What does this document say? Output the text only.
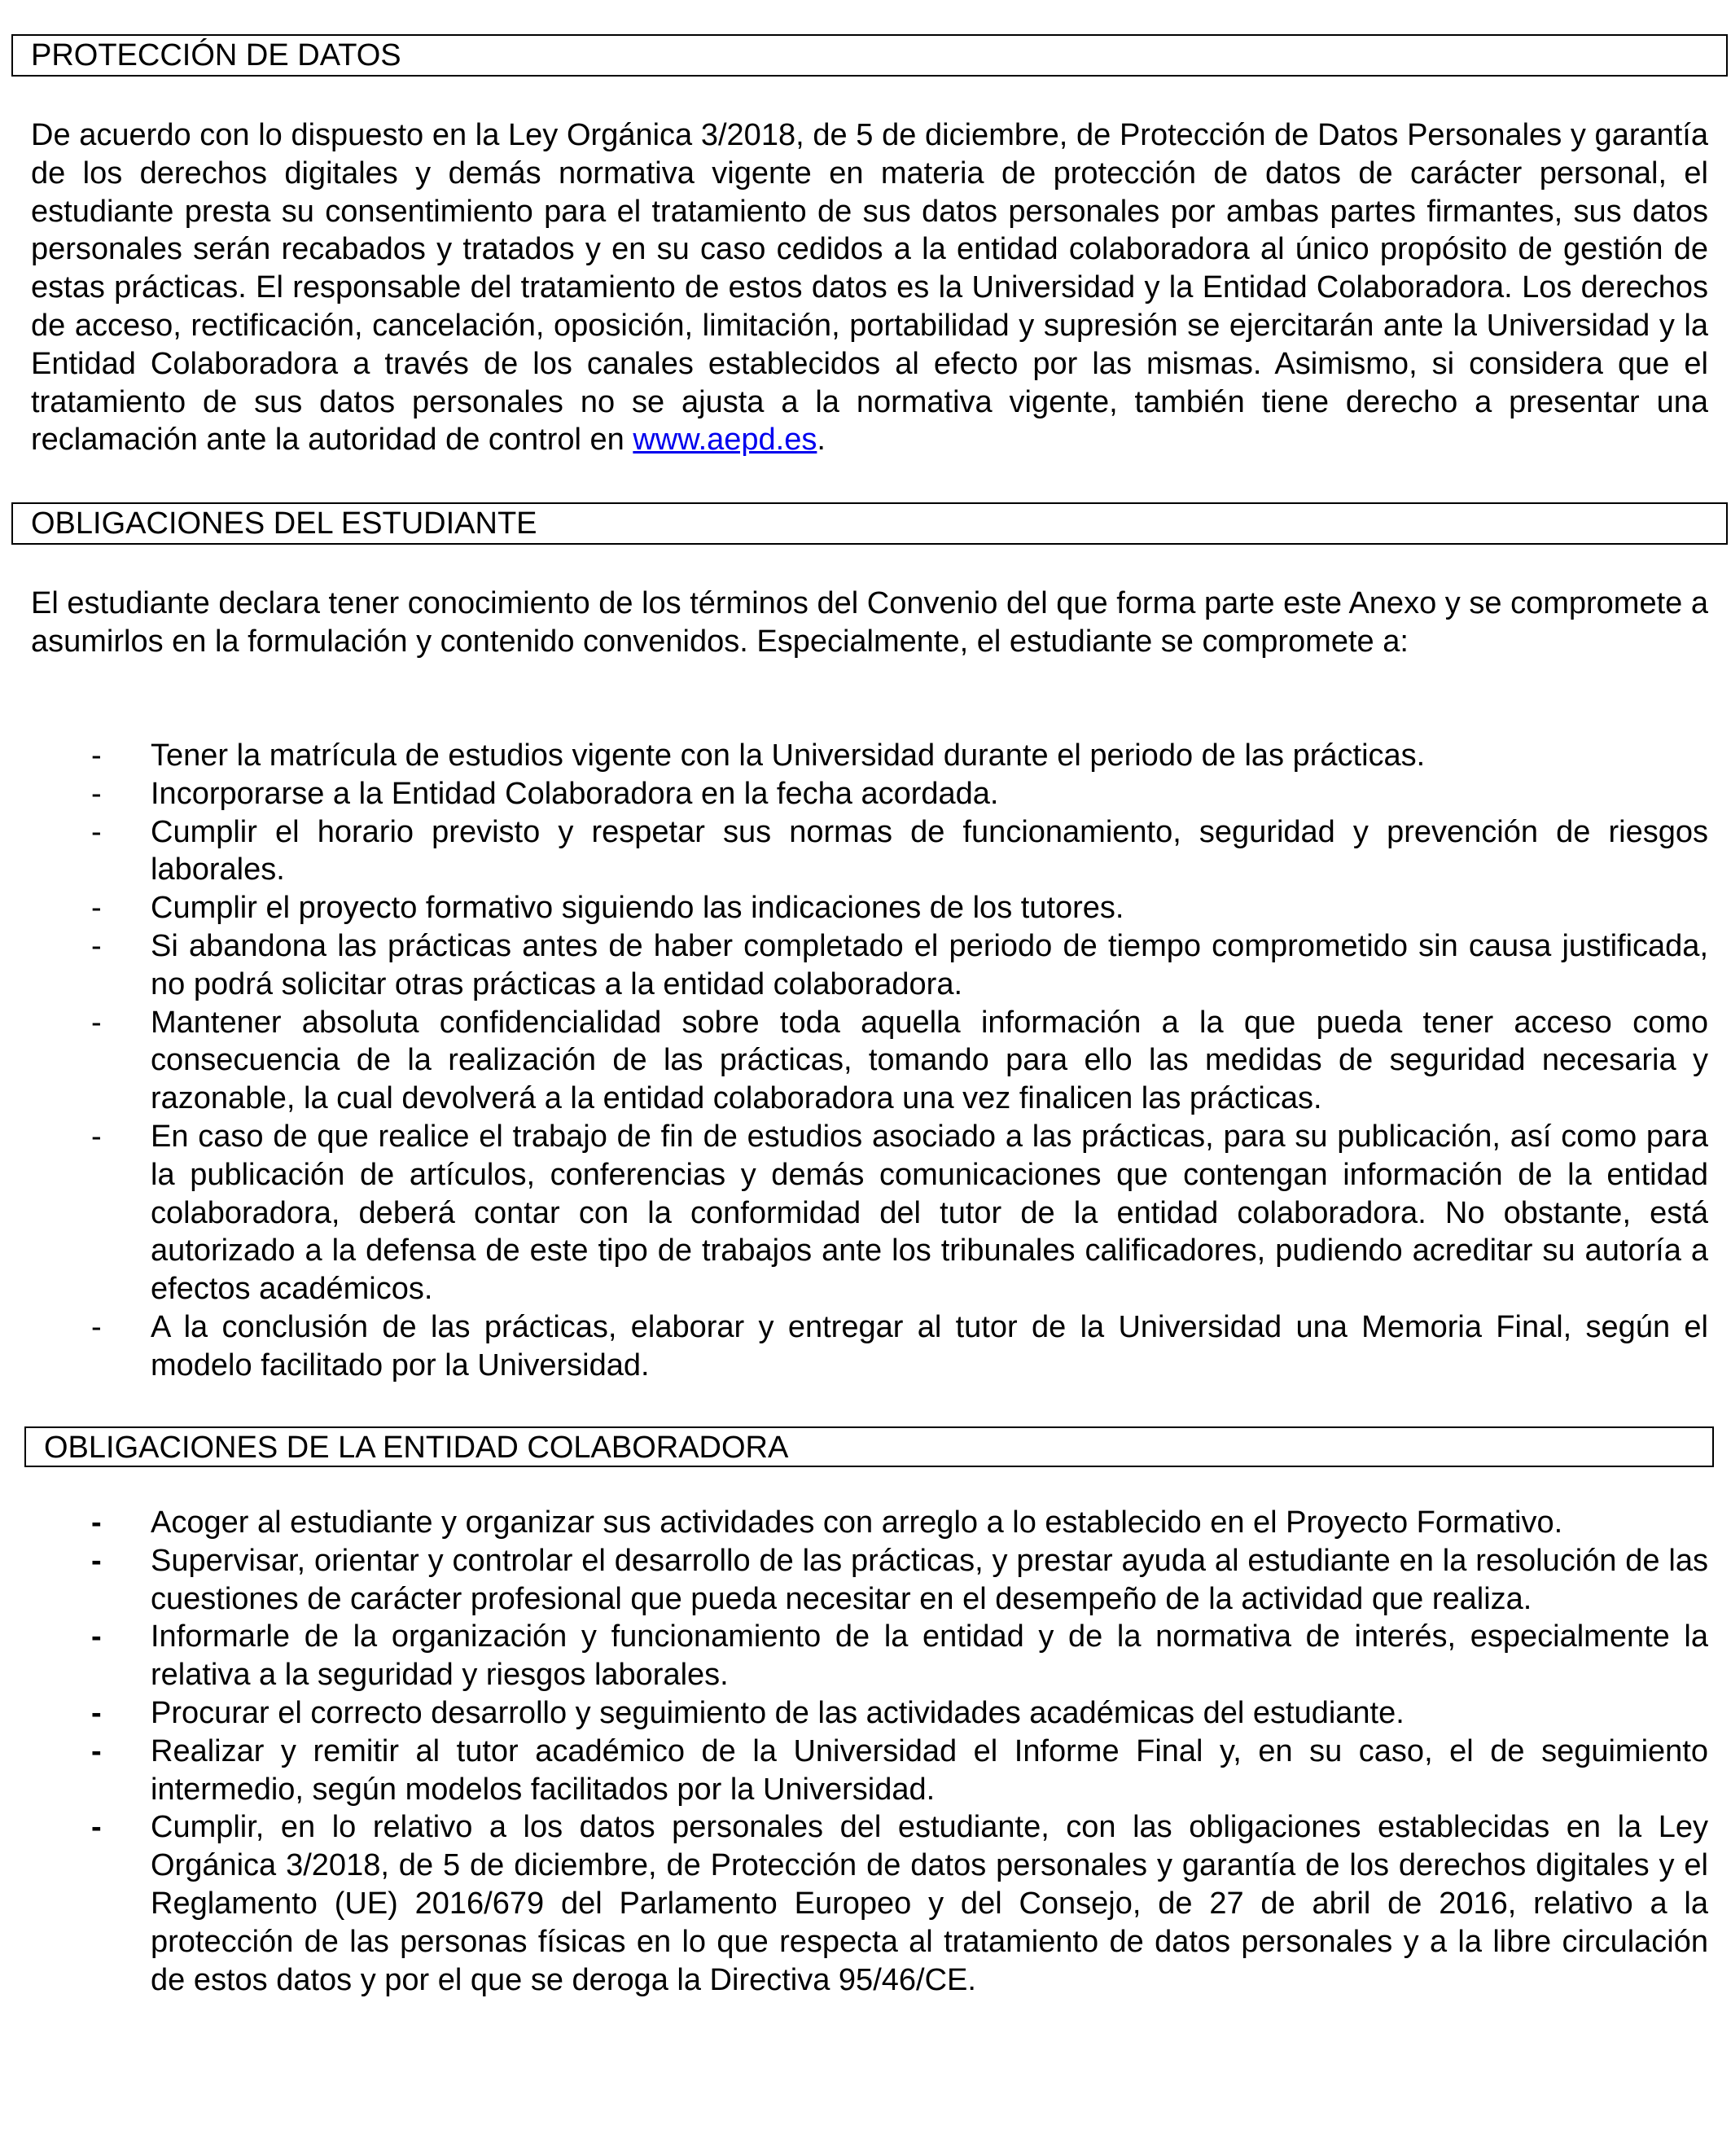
PROTECCIÓN DE DATOS

De acuerdo con lo dispuesto en la Ley Orgánica 3/2018, de 5 de diciembre, de Protección de Datos Personales y garantía de los derechos digitales y demás normativa vigente en materia de protección de datos de carácter personal, el estudiante presta su consentimiento para el tratamiento de sus datos personales por ambas partes firmantes, sus datos personales serán recabados y tratados y en su caso cedidos a la entidad colaboradora al único propósito de gestión de estas prácticas. El responsable del tratamiento de estos datos es la Universidad y la Entidad Colaboradora. Los derechos de acceso, rectificación, cancelación, oposición, limitación, portabilidad y supresión se ejercitarán ante la Universidad y la Entidad Colaboradora a través de los canales establecidos al efecto por las mismas. Asimismo, si considera que el tratamiento de sus datos personales no se ajusta a la normativa vigente, también tiene derecho a presentar una reclamación ante la autoridad de control en www.aepd.es.

OBLIGACIONES DEL ESTUDIANTE

El estudiante declara tener conocimiento de los términos del Convenio del que forma parte este Anexo y se compromete a asumirlos en la formulación y contenido convenidos. Especialmente, el estudiante se compromete a:

- Tener la matrícula de estudios vigente con la Universidad durante el periodo de las prácticas.
- Incorporarse a la Entidad Colaboradora en la fecha acordada.
- Cumplir el horario previsto y respetar sus normas de funcionamiento, seguridad y prevención de riesgos laborales.
- Cumplir el proyecto formativo siguiendo las indicaciones de los tutores.
- Si abandona las prácticas antes de haber completado el periodo de tiempo comprometido sin causa justificada, no podrá solicitar otras prácticas a la entidad colaboradora.
- Mantener absoluta confidencialidad sobre toda aquella información a la que pueda tener acceso como consecuencia de la realización de las prácticas, tomando para ello las medidas de seguridad necesaria y razonable, la cual devolverá a la entidad colaboradora una vez finalicen las prácticas.
- En caso de que realice el trabajo de fin de estudios asociado a las prácticas, para su publicación, así como para la publicación de artículos, conferencias y demás comunicaciones que contengan información de la entidad colaboradora, deberá contar con la conformidad del tutor de la entidad colaboradora. No obstante, está autorizado a la defensa de este tipo de trabajos ante los tribunales calificadores, pudiendo acreditar su autoría a efectos académicos.
- A la conclusión de las prácticas, elaborar y entregar al tutor de la Universidad una Memoria Final, según el modelo facilitado por la Universidad.
OBLIGACIONES DE LA ENTIDAD COLABORADORA
- Acoger al estudiante y organizar sus actividades con arreglo a lo establecido en el Proyecto Formativo.
- Supervisar, orientar y controlar el desarrollo de las prácticas, y prestar ayuda al estudiante en la resolución de las cuestiones de carácter profesional que pueda necesitar en el desempeño de la actividad que realiza.
- Informarle de la organización y funcionamiento de la entidad y de la normativa de interés, especialmente la relativa a la seguridad y riesgos laborales.
- Procurar el correcto desarrollo y seguimiento de las actividades académicas del estudiante.
- Realizar y remitir al tutor académico de la Universidad el Informe Final y, en su caso, el de seguimiento intermedio, según modelos facilitados por la Universidad.
- Cumplir, en lo relativo a los datos personales del estudiante, con las obligaciones establecidas en la Ley Orgánica 3/2018, de 5 de diciembre, de Protección de datos personales y garantía de los derechos digitales y el Reglamento (UE) 2016/679 del Parlamento Europeo y del Consejo, de 27 de abril de 2016, relativo a la protección de las personas físicas en lo que respecta al tratamiento de datos personales y a la libre circulación de estos datos y por el que se deroga la Directiva 95/46/CE.
